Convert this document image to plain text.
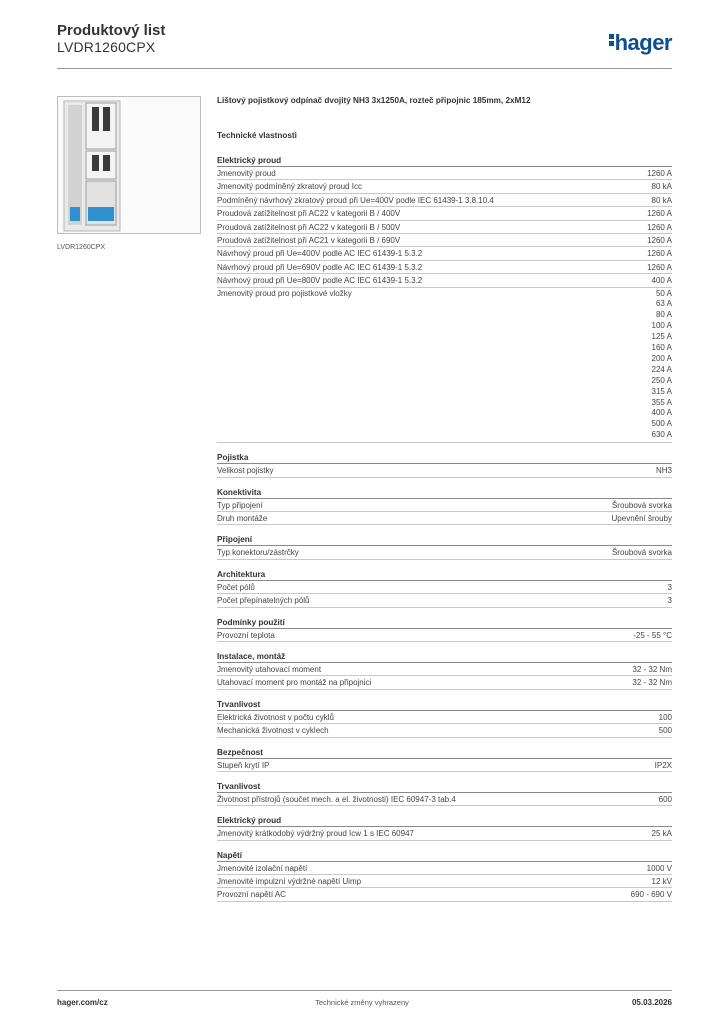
Produktový list
LVDR1260CPX	hager
LVDR1260CPX
Lištový pojistkový odpínač dvojitý NH3 3x1250A, rozteč připojnic 185mm, 2xM12
Technické vlastnosti
Elektrický proud
Jmenovitý proud	1260 A
Jmenovitý podmíněný zkratový proud Icc	80 kA
Podmíněný návrhový zkratový proud při Ue=400V podle IEC 61439-1 3.8.10.4	80 kA
Proudová zatížitelnost při AC22 v kategorii B / 400V	1260 A
Proudová zatížitelnost při AC22 v kategorii B / 500V	1260 A
Proudová zatížitelnost při AC21 v kategorii B / 690V	1260 A
Návrhový proud při Ue=400V podle AC IEC 61439-1 5.3.2	1260 A
Návrhový proud při Ue=690V podle AC IEC 61439-1 5.3.2	1260 A
Návrhový proud při Ue=800V podle AC IEC 61439-1 5.3.2	400 A
Jmenovitý proud pro pojistkové vložky	50 A
63 A
80 A
100 A
125 A
160 A
200 A
224 A
250 A
315 A
355 A
400 A
500 A
630 A
Pojistka
Velikost pojistky	NH3
Konektivita
Typ připojení	Šroubová svorka
Druh montáže	Upevnění šrouby
Připojení
Typ konektoru/zástrčky	Šroubová svorka
Architektura
Počet pólů	3
Počet přepínatelných pólů	3
Podmínky použití
Provozní teplota	-25 - 55 °C
Instalace, montáž
Jmenovitý utahovací moment	32 - 32 Nm
Utahovací moment pro montáž na připojnici	32 - 32 Nm
Trvanlivost
Elektrická životnost v počtu cyklů	100
Mechanická životnost v cyklech	500
Bezpečnost
Stupeň krytí IP	IP2X
Trvanlivost
Životnost přístrojů (součet mech. a el. životnosti) IEC 60947-3 tab.4	600
Elektrický proud
Jmenovitý krátkodobý výdržný proud Icw 1 s IEC 60947	25 kA
Napětí
Jmenovité izolační napětí	1000 V
Jmenovité impulzní výdržné napětí Uimp	12 kV
Provozní napětí AC	690 - 690 V
hager.com/cz	Technické změny vyhrazeny	05.03.2026
